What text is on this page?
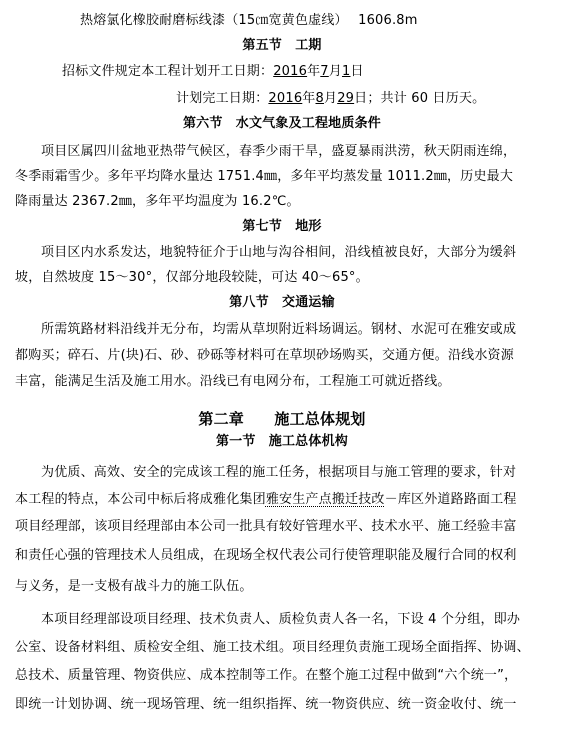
热熔氯化橡胶耐磨标线漆（15㎝宽黄色虚线） 1606.8m
第五节　工期
招标文件规定本工程计划开工日期：2016年7月1日
计划完工日期：2016年8月29日；共计 60 日历天。
第六节　水文气象及工程地质条件
项目区属四川盆地亚热带气候区，春季少雨干旱，盛夏暴雨洪涝，秋天阴雨连绵，
冬季雨霜雪少。多年平均降水量达 1751.4㎜，多年平均蒸发量 1011.2㎜，历史最大
降雨量达 2367.2㎜，多年平均温度为 16.2℃。
第七节　地形
项目区内水系发达，地貌特征介于山地与沟谷相间，沿线植被良好，大部分为缓斜
坡，自然坡度 15～30°，仅部分地段较陡，可达 40～65°。
第八节　交通运输
所需筑路材料沿线并无分布，均需从草坝附近料场调运。钢材、水泥可在雅安或成
都购买；碎石、片(块)石、砂、砂砾等材料可在草坝砂场购买，交通方便。沿线水资源
丰富，能满足生活及施工用水。沿线已有电网分布，工程施工可就近搭线。
第二章　　施工总体规划
第一节　施工总体机构
为优质、高效、安全的完成该工程的施工任务，根据项目与施工管理的要求，针对
本工程的特点，本公司中标后将成雅化集团雅安生产点搬迁技改－库区外道路路面工程
项目经理部，该项目经理部由本公司一批具有较好管理水平、技术水平、施工经验丰富
和责任心强的管理技术人员组成，在现场全权代表公司行使管理职能及履行合同的权利
与义务，是一支极有战斗力的施工队伍。
本项目经理部设项目经理、技术负责人、质检负责人各一名，下设 4 个分组，即办
公室、设备材料组、质检安全组、施工技术组。项目经理负责施工现场全面指挥、协调、
总技术、质量管理、物资供应、成本控制等工作。在整个施工过程中做到“六个统一”，
即统一计划协调、统一现场管理、统一组织指挥、统一物资供应、统一资金收付、统一
